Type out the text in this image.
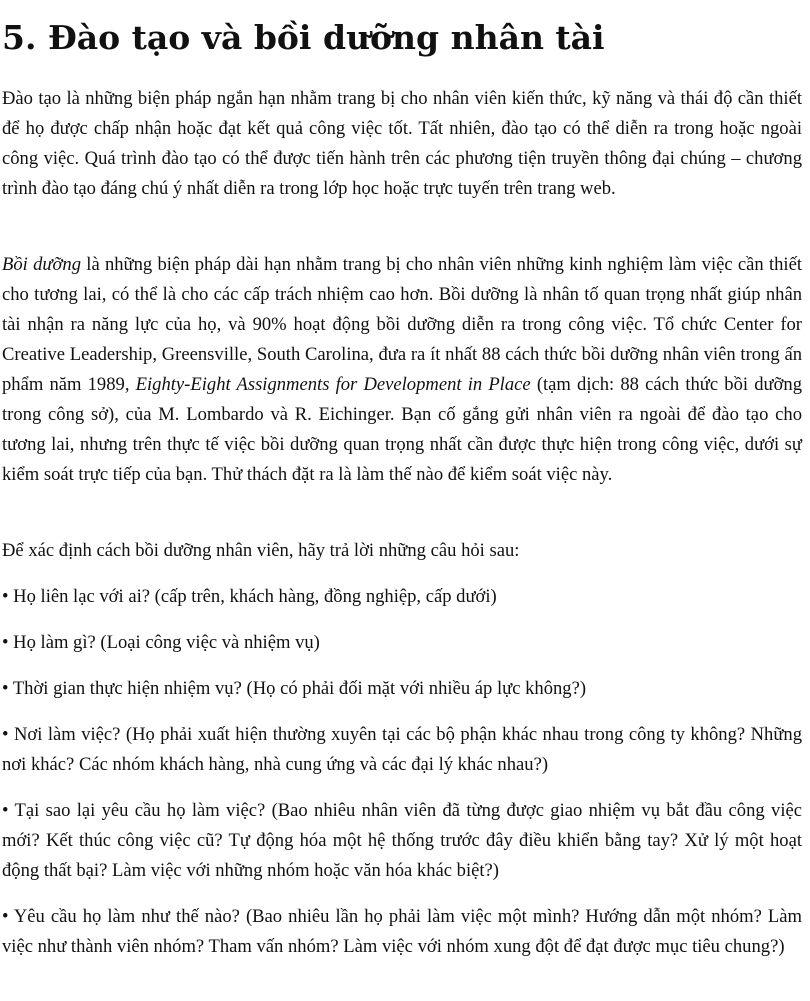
5. Đào tạo và bồi dưỡng nhân tài

Đào tạo là những biện pháp ngắn hạn nhằm trang bị cho nhân viên kiến thức, kỹ năng và thái độ cần thiết để họ được chấp nhận hoặc đạt kết quả công việc tốt. Tất nhiên, đào tạo có thể diễn ra trong hoặc ngoài công việc. Quá trình đào tạo có thể được tiến hành trên các phương tiện truyền thông đại chúng – chương trình đào tạo đáng chú ý nhất diễn ra trong lớp học hoặc trực tuyến trên trang web.

Bồi dưỡng là những biện pháp dài hạn nhằm trang bị cho nhân viên những kinh nghiệm làm việc cần thiết cho tương lai, có thể là cho các cấp trách nhiệm cao hơn. Bồi dưỡng là nhân tố quan trọng nhất giúp nhân tài nhận ra năng lực của họ, và 90% hoạt động bồi dưỡng diễn ra trong công việc. Tổ chức Center for Creative Leadership, Greensville, South Carolina, đưa ra ít nhất 88 cách thức bồi dưỡng nhân viên trong ấn phẩm năm 1989, Eighty-Eight Assignments for Development in Place (tạm dịch: 88 cách thức bồi dưỡng trong công sở), của M. Lombardo và R. Eichinger. Bạn cố gắng gửi nhân viên ra ngoài để đào tạo cho tương lai, nhưng trên thực tế việc bồi dưỡng quan trọng nhất cần được thực hiện trong công việc, dưới sự kiểm soát trực tiếp của bạn. Thử thách đặt ra là làm thế nào để kiểm soát việc này.

Để xác định cách bồi dưỡng nhân viên, hãy trả lời những câu hỏi sau:

• Họ liên lạc với ai? (cấp trên, khách hàng, đồng nghiệp, cấp dưới)

• Họ làm gì? (Loại công việc và nhiệm vụ)

• Thời gian thực hiện nhiệm vụ? (Họ có phải đối mặt với nhiều áp lực không?)

• Nơi làm việc? (Họ phải xuất hiện thường xuyên tại các bộ phận khác nhau trong công ty không? Những nơi khác? Các nhóm khách hàng, nhà cung ứng và các đại lý khác nhau?)

• Tại sao lại yêu cầu họ làm việc? (Bao nhiêu nhân viên đã từng được giao nhiệm vụ bắt đầu công việc mới? Kết thúc công việc cũ? Tự động hóa một hệ thống trước đây điều khiển bằng tay? Xử lý một hoạt động thất bại? Làm việc với những nhóm hoặc văn hóa khác biệt?)

• Yêu cầu họ làm như thế nào? (Bao nhiêu lần họ phải làm việc một mình? Hướng dẫn một nhóm? Làm việc như thành viên nhóm? Tham vấn nhóm? Làm việc với nhóm xung đột để đạt được mục tiêu chung?)
